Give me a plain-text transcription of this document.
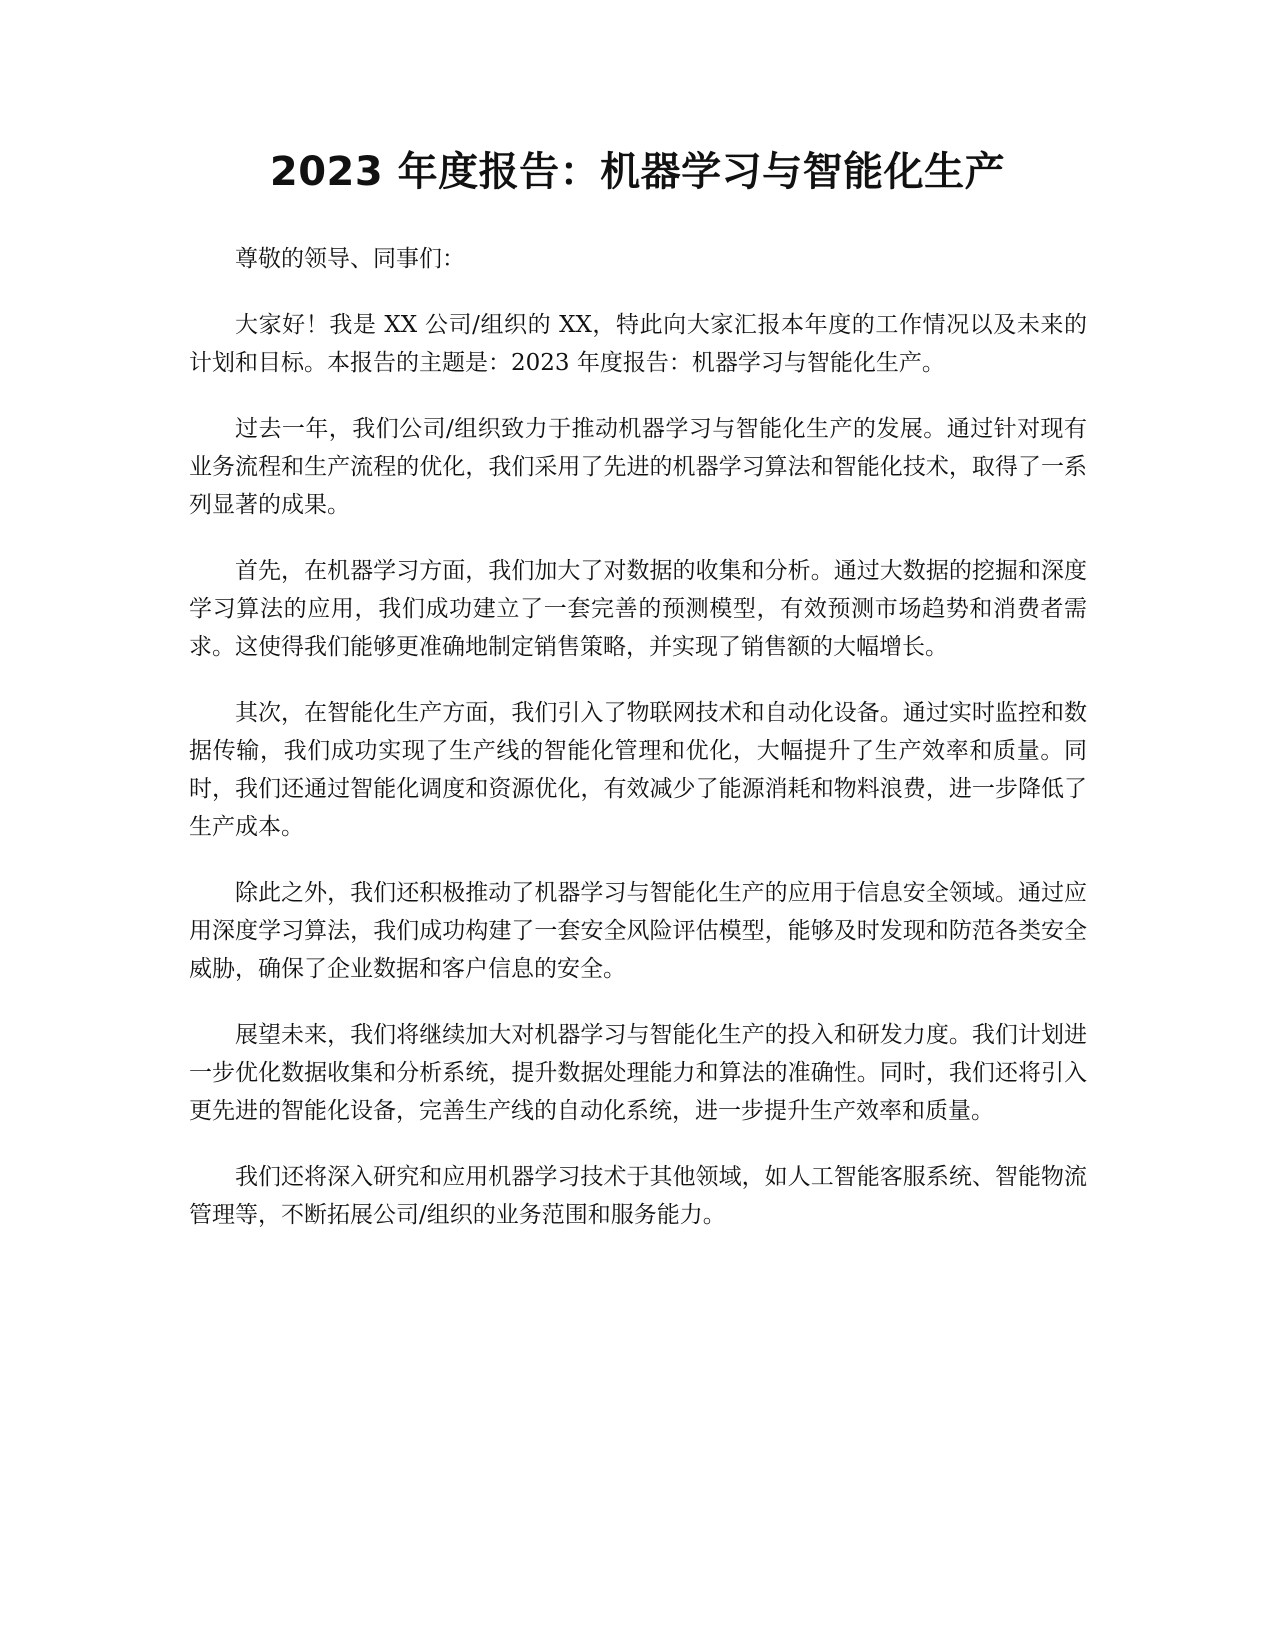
2023 年度报告：机器学习与智能化生产

尊敬的领导、同事们：

大家好！我是 XX 公司/组织的 XX，特此向大家汇报本年度的工作情况以及未来的计划和目标。本报告的主题是：2023 年度报告：机器学习与智能化生产。

过去一年，我们公司/组织致力于推动机器学习与智能化生产的发展。通过针对现有业务流程和生产流程的优化，我们采用了先进的机器学习算法和智能化技术，取得了一系列显著的成果。

首先，在机器学习方面，我们加大了对数据的收集和分析。通过大数据的挖掘和深度学习算法的应用，我们成功建立了一套完善的预测模型，有效预测市场趋势和消费者需求。这使得我们能够更准确地制定销售策略，并实现了销售额的大幅增长。

其次，在智能化生产方面，我们引入了物联网技术和自动化设备。通过实时监控和数据传输，我们成功实现了生产线的智能化管理和优化，大幅提升了生产效率和质量。同时，我们还通过智能化调度和资源优化，有效减少了能源消耗和物料浪费，进一步降低了生产成本。

除此之外，我们还积极推动了机器学习与智能化生产的应用于信息安全领域。通过应用深度学习算法，我们成功构建了一套安全风险评估模型，能够及时发现和防范各类安全威胁，确保了企业数据和客户信息的安全。

展望未来，我们将继续加大对机器学习与智能化生产的投入和研发力度。我们计划进一步优化数据收集和分析系统，提升数据处理能力和算法的准确性。同时，我们还将引入更先进的智能化设备，完善生产线的自动化系统，进一步提升生产效率和质量。

我们还将深入研究和应用机器学习技术于其他领域，如人工智能客服系统、智能物流管理等，不断拓展公司/组织的业务范围和服务能力。
